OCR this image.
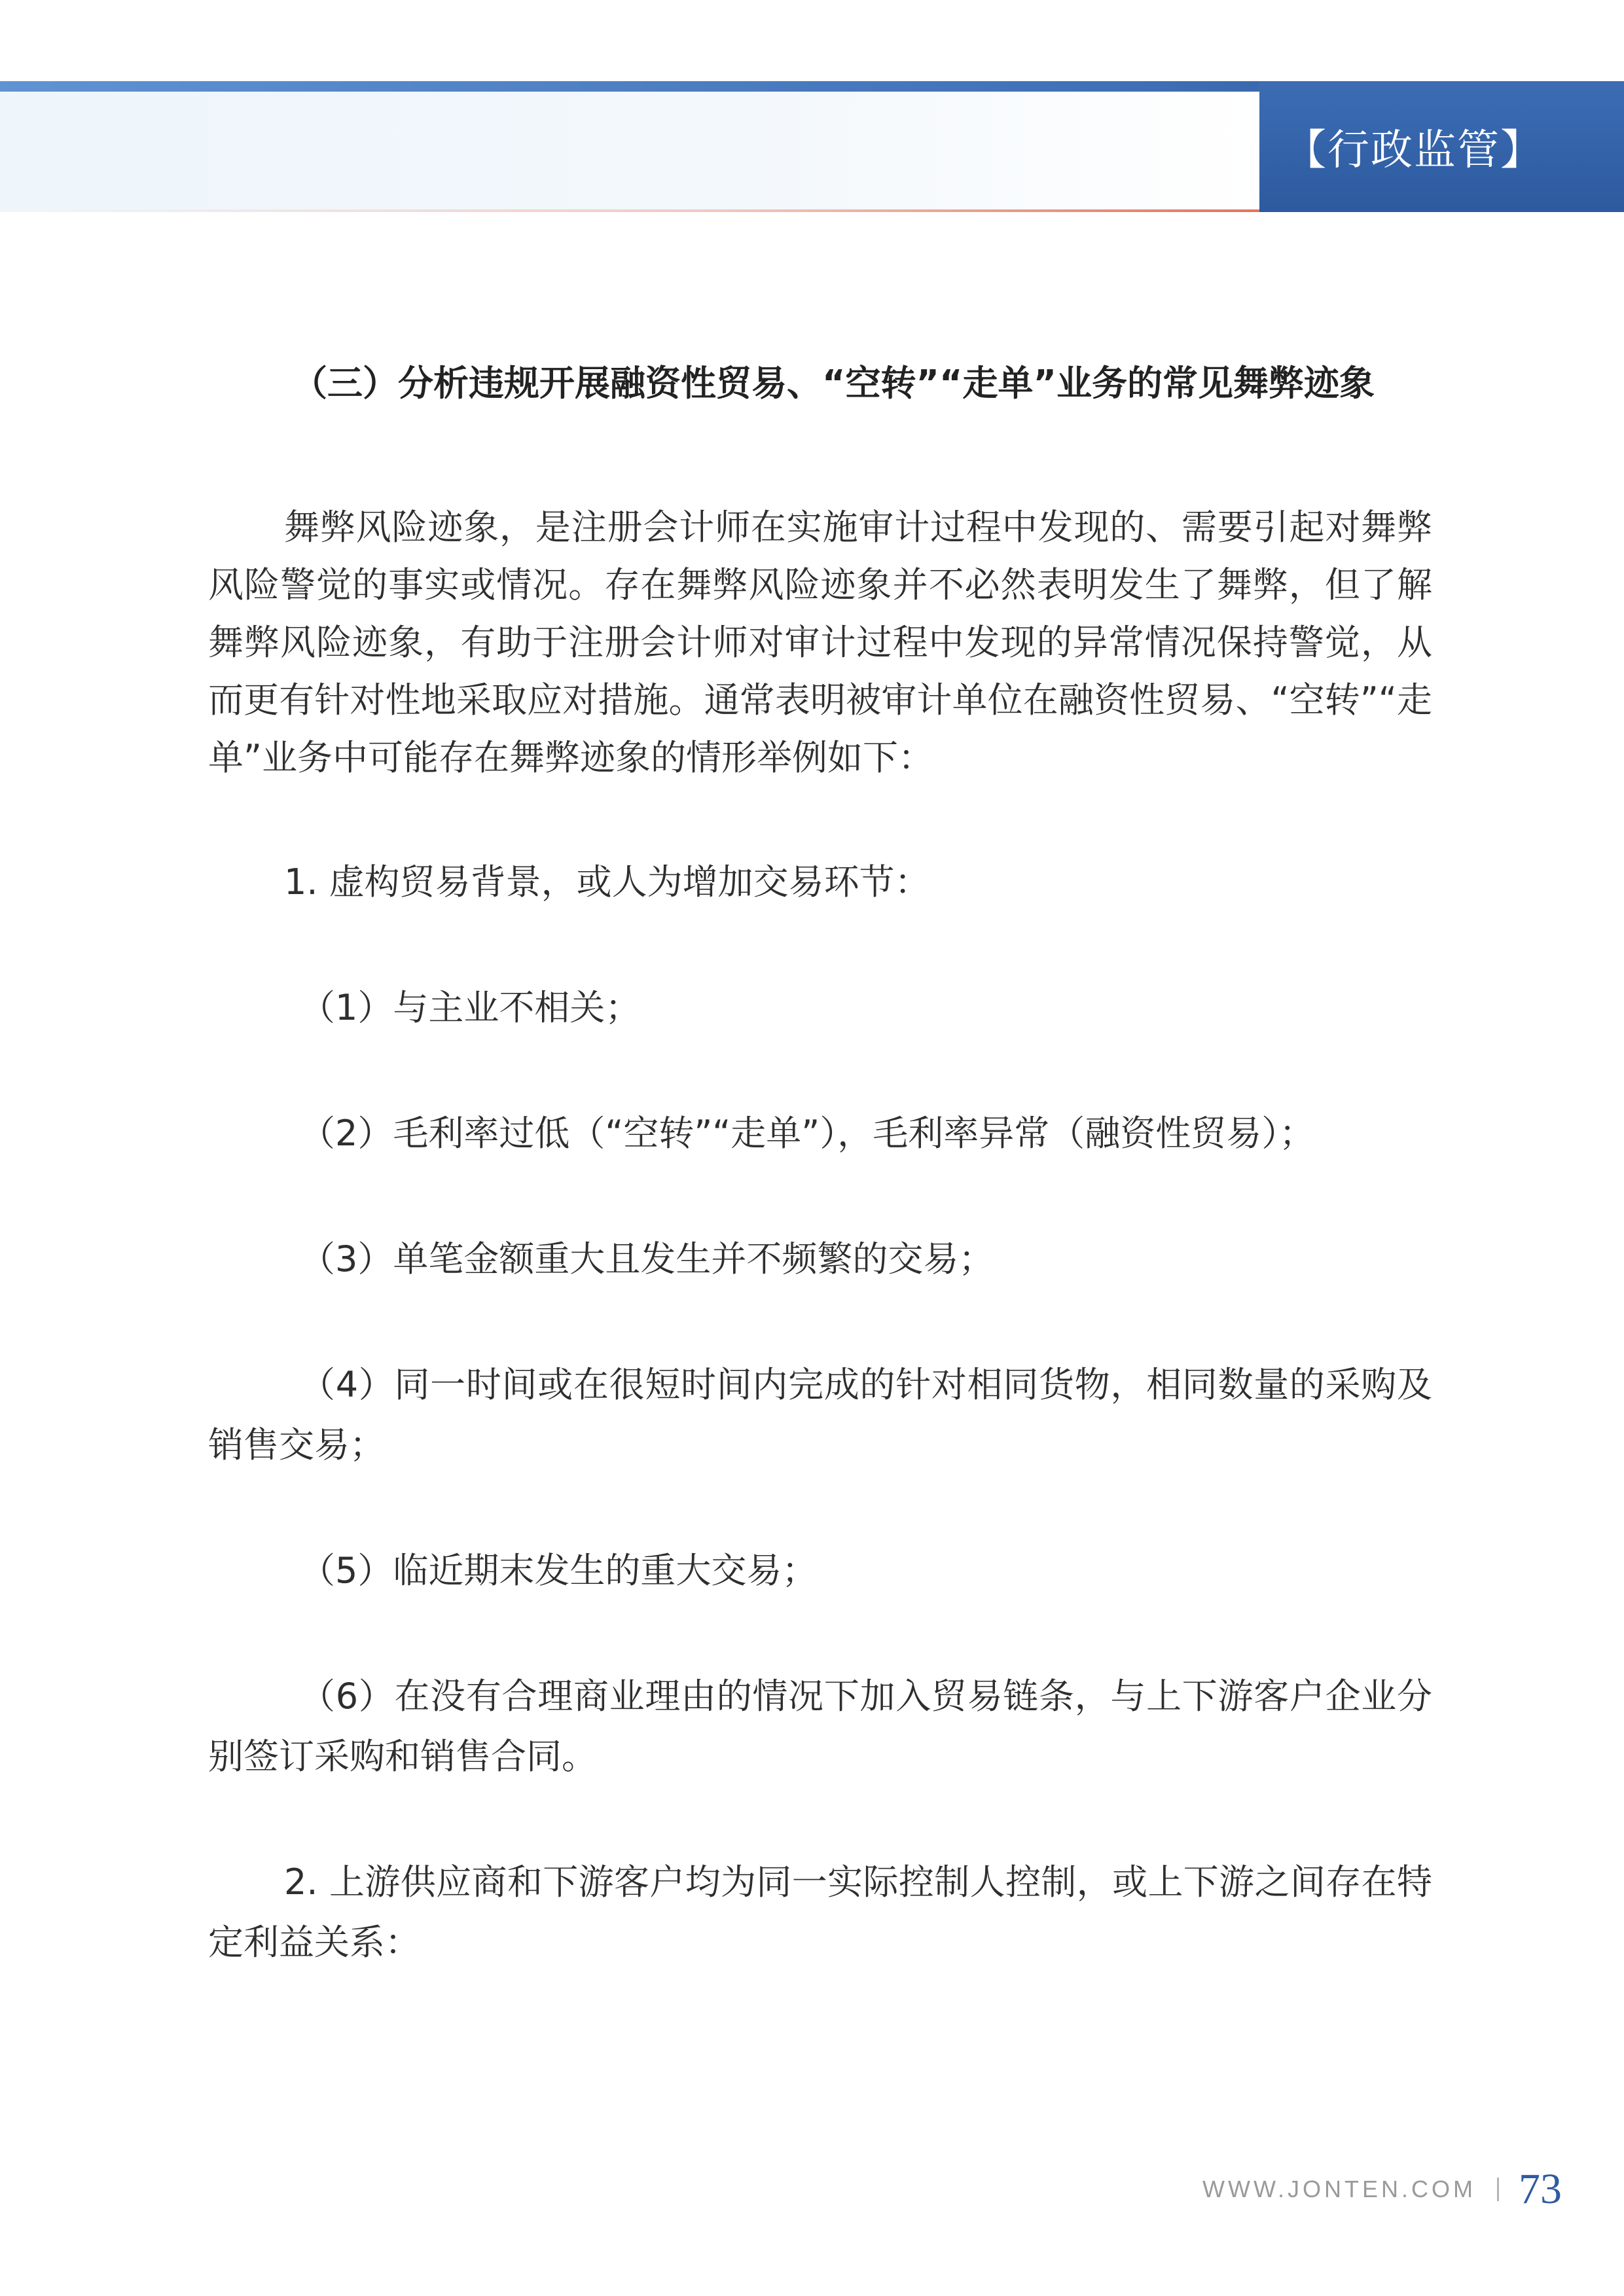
【行政监管】

（三）分析违规开展融资性贸易、“空转”“走单”业务的常见舞弊迹象

舞弊风险迹象，是注册会计师在实施审计过程中发现的、需要引起对舞弊风险警觉的事实或情况。存在舞弊风险迹象并不必然表明发生了舞弊，但了解舞弊风险迹象，有助于注册会计师对审计过程中发现的异常情况保持警觉，从而更有针对性地采取应对措施。通常表明被审计单位在融资性贸易、“空转”“走单”业务中可能存在舞弊迹象的情形举例如下：

1. 虚构贸易背景，或人为增加交易环节：

（1）与主业不相关；

（2）毛利率过低（“空转”“走单”），毛利率异常（融资性贸易）；

（3）单笔金额重大且发生并不频繁的交易；

（4）同一时间或在很短时间内完成的针对相同货物，相同数量的采购及销售交易；

（5）临近期末发生的重大交易；

（6）在没有合理商业理由的情况下加入贸易链条，与上下游客户企业分别签订采购和销售合同。

2. 上游供应商和下游客户均为同一实际控制人控制，或上下游之间存在特定利益关系：

WWW.JONTEN.COM 73
